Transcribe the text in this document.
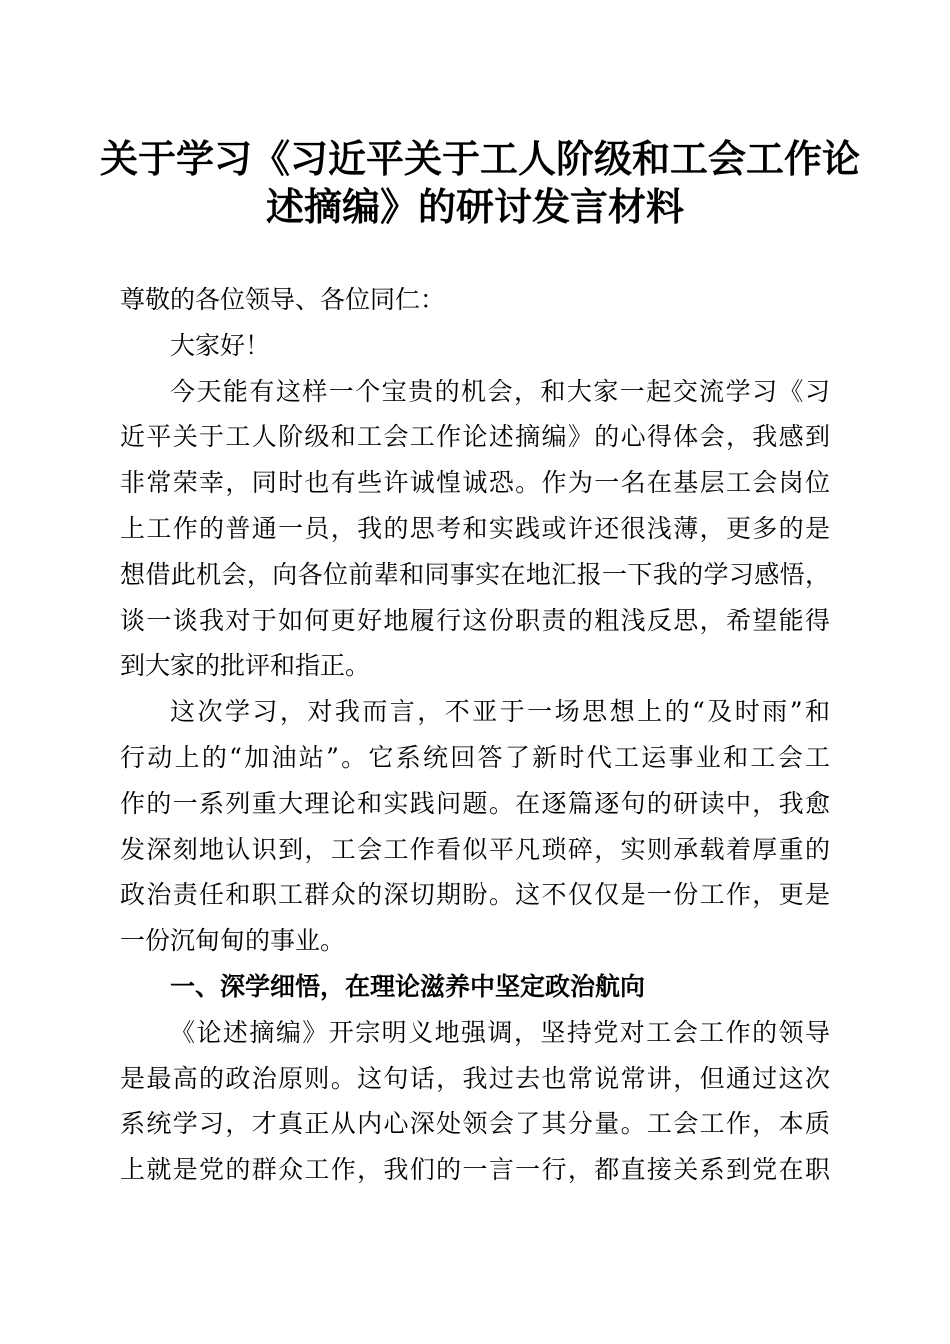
关于学习《习近平关于工人阶级和工会工作论
述摘编》的研讨发言材料
尊敬的各位领导、各位同仁：
大家好！
今天能有这样一个宝贵的机会，和大家一起交流学习《习
近平关于工人阶级和工会工作论述摘编》的心得体会，我感到
非常荣幸，同时也有些许诚惶诚恐。作为一名在基层工会岗位
上工作的普通一员，我的思考和实践或许还很浅薄，更多的是
想借此机会，向各位前辈和同事实在地汇报一下我的学习感悟，
谈一谈我对于如何更好地履行这份职责的粗浅反思，希望能得
到大家的批评和指正。
这次学习，对我而言，不亚于一场思想上的“及时雨”和
行动上的“加油站”。它系统回答了新时代工运事业和工会工
作的一系列重大理论和实践问题。在逐篇逐句的研读中，我愈
发深刻地认识到，工会工作看似平凡琐碎，实则承载着厚重的
政治责任和职工群众的深切期盼。这不仅仅是一份工作，更是
一份沉甸甸的事业。
一、深学细悟，在理论滋养中坚定政治航向
《论述摘编》开宗明义地强调，坚持党对工会工作的领导
是最高的政治原则。这句话，我过去也常说常讲，但通过这次
系统学习，才真正从内心深处领会了其分量。工会工作，本质
上就是党的群众工作，我们的一言一行，都直接关系到党在职
